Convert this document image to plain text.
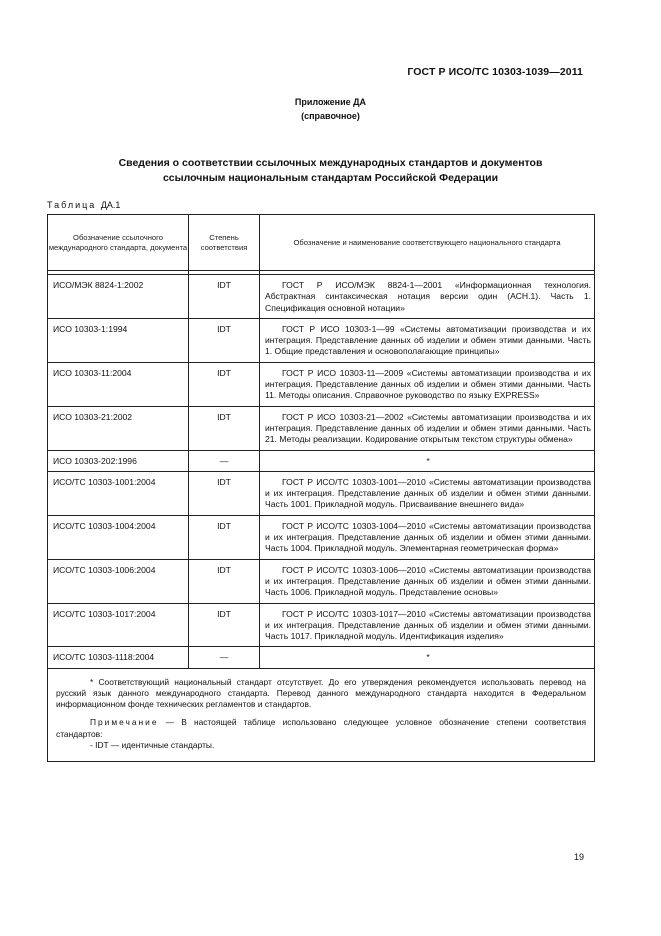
ГОСТ Р ИСО/ТС 10303-1039—2011
Приложение ДА
(справочное)
Сведения о соответствии ссылочных международных стандартов и документов
ссылочным национальным стандартам Российской Федерации
Таблица ДА.1
Обозначение ссылочного международного стандарта, документа	Степень соответствия	Обозначение и наименование соответствующего национального стандарта

ИСО/МЭК 8824-1:2002	IDT	ГОСТ Р ИСО/МЭК 8824-1—2001 «Информационная технология. Абстрактная синтаксическая нотация версии один (АСН.1). Часть 1. Спецификация основной нотации»
ИСО 10303-1:1994	IDT	ГОСТ Р ИСО 10303-1—99 «Системы автоматизации производства и их интеграция. Представление данных об изделии и обмен этими данными. Часть 1. Общие представления и основополагающие принципы»
ИСО 10303-11:2004	IDT	ГОСТ Р ИСО 10303-11—2009 «Системы автоматизации производства и их интеграция. Представление данных об изделии и обмен этими данными. Часть 11. Методы описания. Справочное руководство по языку EXPRESS»
ИСО 10303-21:2002	IDT	ГОСТ Р ИСО 10303-21—2002 «Системы автоматизации производства и их интеграция. Представление данных об изделии и обмен этими данными. Часть 21. Методы реализации. Кодирование открытым текстом структуры обмена»
ИСО 10303-202:1996	—	*
ИСО/ТС 10303-1001:2004	IDT	ГОСТ Р ИСО/ТС 10303-1001—2010 «Системы автоматизации производства и их интеграция. Представление данных об изделии и обмен этими данными. Часть 1001. Прикладной модуль. Присваивание внешнего вида»
ИСО/ТС 10303-1004:2004	IDT	ГОСТ Р ИСО/ТС 10303-1004—2010 «Системы автоматизации производства и их интеграция. Представление данных об изделии и обмен этими данными. Часть 1004. Прикладной модуль. Элементарная геометрическая форма»
ИСО/ТС 10303-1006:2004	IDT	ГОСТ Р ИСО/ТС 10303-1006—2010 «Системы автоматизации производства и их интеграция. Представление данных об изделии и обмен этими данными. Часть 1006. Прикладной модуль. Представление основы»
ИСО/ТС 10303-1017:2004	IDT	ГОСТ Р ИСО/ТС 10303-1017—2010 «Системы автоматизации производства и их интеграция. Представление данных об изделии и обмен этими данными. Часть 1017. Прикладной модуль. Идентификация изделия»
ИСО/ТС 10303-1118:2004	—	*

* Соответствующий национальный стандарт отсутствует. До его утверждения рекомендуется использовать перевод на русский язык данного международного стандарта. Перевод данного международного стандарта находится в Федеральном информационном фонде технических регламентов и стандартов.

Примечание — В настоящей таблице использовано следующее условное обозначение степени соответствия стандартов:

- IDT — идентичные стандарты.		

19
